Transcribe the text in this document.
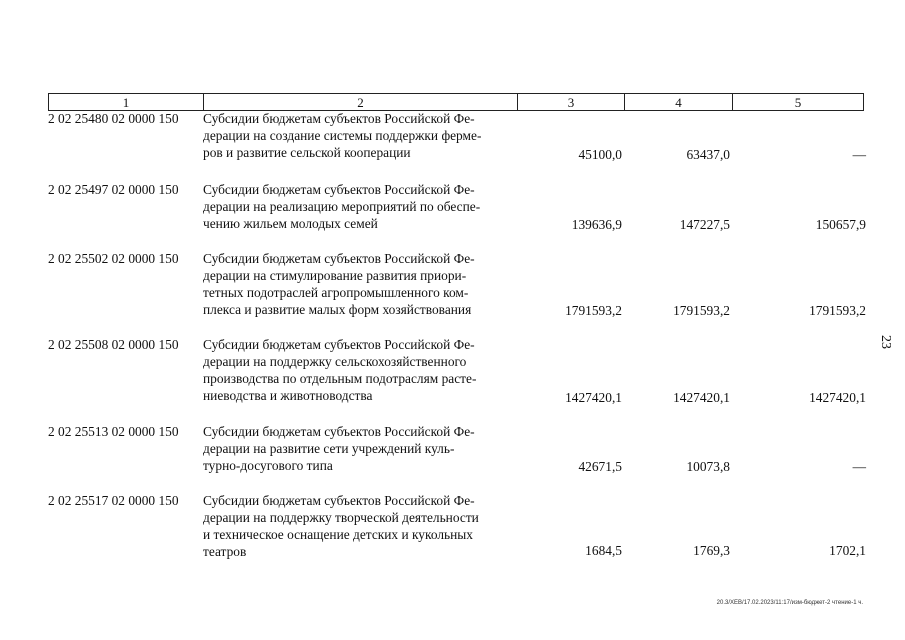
1	2	3	4	5
2 02 25480 02 0000 150 Субсидии бюджетам субъектов Российской Фе-
дерации на создание системы поддержки фермe-
ров и развитие сельской кооперации	45100,0	63437,0	—
2 02 25497 02 0000 150 Субсидии бюджетам субъектов Российской Фе-
дерации на реализацию мероприятий по обеспе-
чению жильем молодых семей	139636,9	147227,5	150657,9
2 02 25502 02 0000 150 Субсидии бюджетам субъектов Российской Фе-
дерации на стимулирование развития приори-
тетных подотраслей агропромышленного ком-
плекса и развитие малых форм хозяйствования	1791593,2	1791593,2	1791593,2
2 02 25508 02 0000 150 Субсидии бюджетам субъектов Российской Фе-
дерации на поддержку сельскохозяйственного
производства по отдельным подотраслям расте-
ниеводства и животноводства	1427420,1	1427420,1	1427420,1
2 02 25513 02 0000 150 Субсидии бюджетам субъектов Российской Фе-
дерации на развитие сети учреждений куль-
турно-досугового типа	42671,5	10073,8	—
2 02 25517 02 0000 150 Субсидии бюджетам субъектов Российской Фе-
дерации на поддержку творческой деятельности
и техническое оснащение детских и кукольных
театров	1684,5	1769,3	1702,1
23
20.3/ХЕВ/17.02.2023/11:17/изм-бюджет-2 чтение-1 ч.
